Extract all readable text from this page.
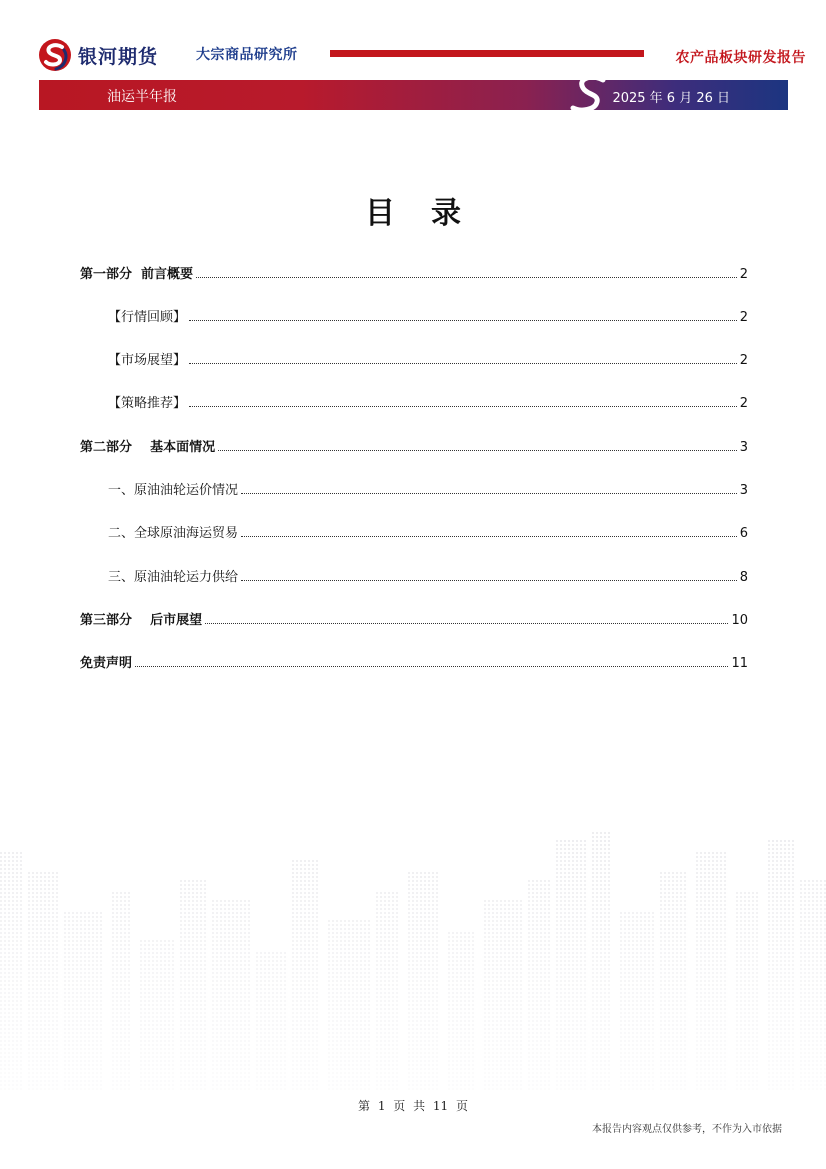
银河期货	大宗商品研究所	农产品板块研发报告
油运半年报	2025 年 6 月 26 日
目录
第一部分  前言概要	2
【行情回顾】	2
【市场展望】	2
【策略推荐】	2
第二部分    基本面情况	3
一、原油油轮运价情况	3
二、全球原油海运贸易	6
三、原油油轮运力供给	8
第三部分    后市展望	10
免责声明	11
第 1 页 共 11 页
本报告内容观点仅供参考，不作为入市依据
